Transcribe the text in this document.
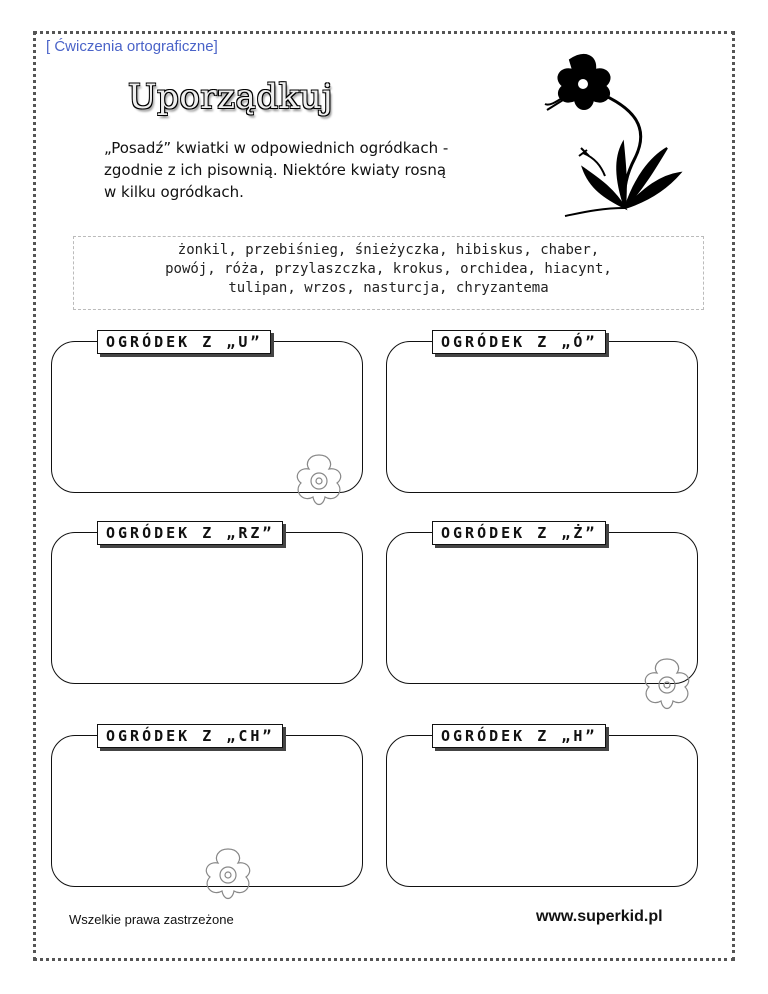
[ Ćwiczenia ortograficzne]
Uporządkuj
„Posadź” kwiatki w odpowiednich ogródkach -
zgodnie z ich pisownią. Niektóre kwiaty rosną
w kilku ogródkach.
żonkil, przebiśnieg, śnieżyczka, hibiskus, chaber,
powój, róża, przylaszczka, krokus, orchidea, hiacynt,
tulipan, wrzos, nasturcja, chryzantema
OGRÓDEK Z „U”	OGRÓDEK Z „Ó”
OGRÓDEK Z „RZ”	OGRÓDEK Z „Ż”
OGRÓDEK Z „CH”	OGRÓDEK Z „H”
Wszelkie prawa zastrzeżone	www.superkid.pl
